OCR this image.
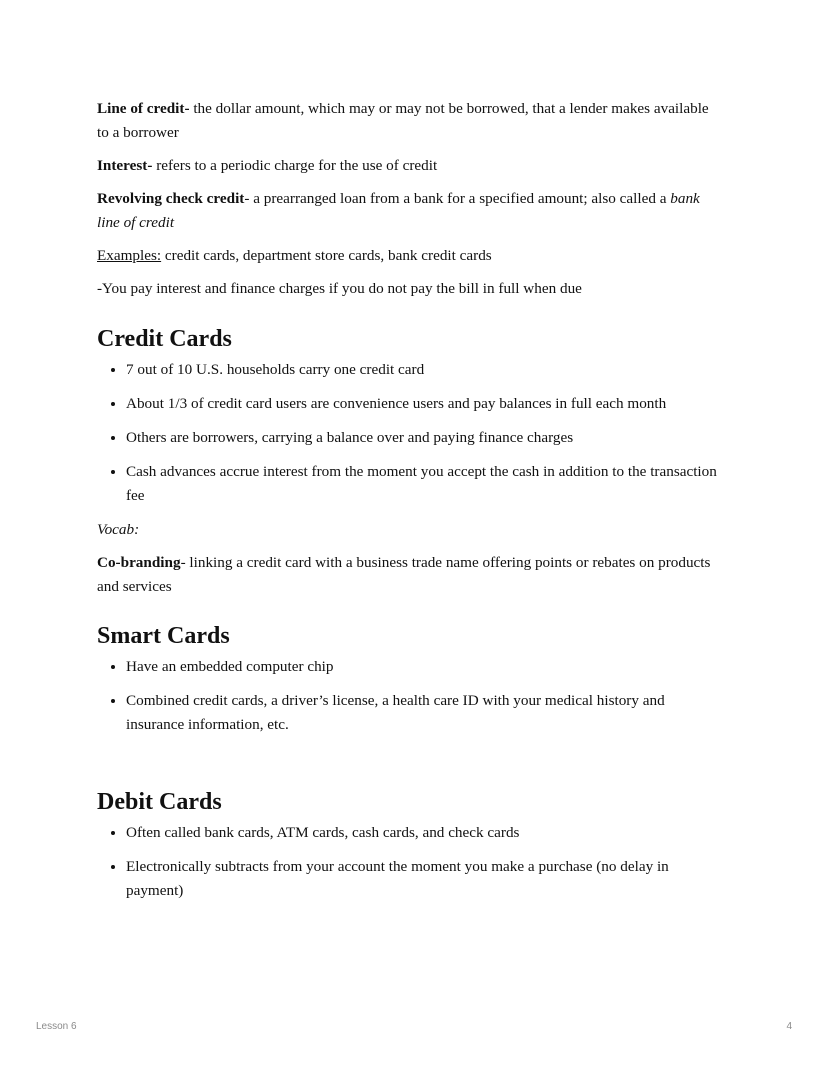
Line of credit- the dollar amount, which may or may not be borrowed, that a lender makes available to a borrower

Interest- refers to a periodic charge for the use of credit

Revolving check credit- a prearranged loan from a bank for a specified amount; also called a bank line of credit

Examples: credit cards, department store cards, bank credit cards

-You pay interest and finance charges if you do not pay the bill in full when due

Credit Cards
• 7 out of 10 U.S. households carry one credit card
• About 1/3 of credit card users are convenience users and pay balances in full each month
• Others are borrowers, carrying a balance over and paying finance charges
• Cash advances accrue interest from the moment you accept the cash in addition to the transaction fee

Vocab:

Co-branding- linking a credit card with a business trade name offering points or rebates on products and services

Smart Cards
• Have an embedded computer chip
• Combined credit cards, a driver’s license, a health care ID with your medical history and insurance information, etc.
Debit Cards
• Often called bank cards, ATM cards, cash cards, and check cards
• Electronically subtracts from your account the moment you make a purchase (no delay in payment)
Lesson 6	4
